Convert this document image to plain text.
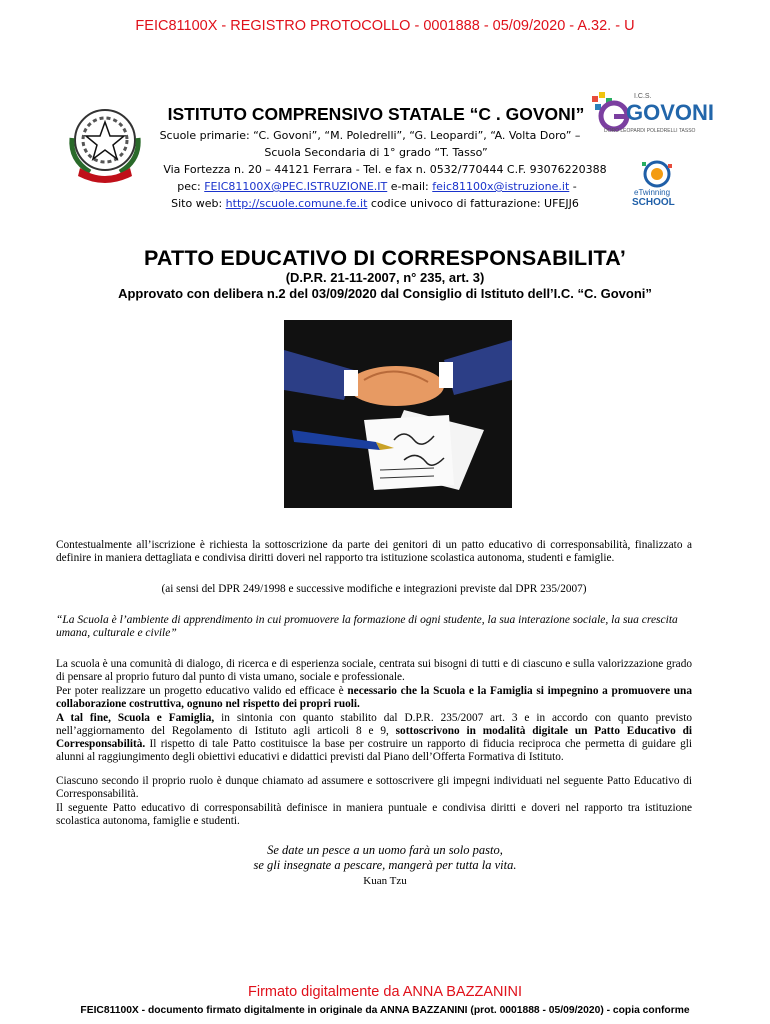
FEIC81100X - REGISTRO PROTOCOLLO - 0001888 - 05/09/2020 - A.32. - U
ISTITUTO COMPRENSIVO STATALE “C . GOVONI”
Scuole primarie: “C. Govoni”, “M. Poledrelli”, “G. Leopardi”, “A. Volta Doro” –
Scuola Secondaria di 1° grado “T. Tasso”
Via Fortezza n. 20 – 44121 Ferrara - Tel. e fax n. 0532/770444 C.F. 93076220388
pec: FEIC81100X@PEC.ISTRUZIONE.IT e-mail: feic81100x@istruzione.it -
Sito web: http://scuole.comune.fe.it codice univoco di fatturazione: UFEJJ6
I.C.S.
GOVONI
DORO LEOPARDI POLEDRELLI TASSO
eTwinning
SCHOOL
PATTO EDUCATIVO DI CORRESPONSABILITA’
(D.P.R. 21-11-2007, n° 235, art. 3)
Approvato con delibera n.2 del 03/09/2020 dal Consiglio di Istituto dell’I.C. “C. Govoni”
Contestualmente all’iscrizione è richiesta la sottoscrizione da parte dei genitori di un patto educativo di corresponsabilità, finalizzato a definire in maniera dettagliata e condivisa diritti doveri nel rapporto tra istituzione scolastica autonoma, studenti e famiglie.
(ai sensi del DPR 249/1998 e successive modifiche e integrazioni previste dal DPR 235/2007)
“La Scuola è l’ambiente di apprendimento in cui promuovere la formazione di ogni studente, la sua interazione sociale, la sua crescita umana, culturale e civile”
La scuola è una comunità di dialogo, di ricerca e di esperienza sociale, centrata sui bisogni di tutti e di ciascuno e sulla valorizzazione grado di pensare al proprio futuro dal punto di vista umano, sociale e professionale.
Per poter realizzare un progetto educativo valido ed efficace è necessario che la Scuola e la Famiglia si impegnino a promuovere una collaborazione costruttiva, ognuno nel rispetto dei propri ruoli.
A tal fine, Scuola e Famiglia, in sintonia con quanto stabilito dal D.P.R. 235/2007 art. 3 e in accordo con quanto previsto nell’aggiornamento del Regolamento di Istituto agli articoli 8 e 9, sottoscrivono in modalità digitale un Patto Educativo di Corresponsabilità. Il rispetto di tale Patto costituisce la base per costruire un rapporto di fiducia reciproca che permetta di guidare gli alunni al raggiungimento degli obiettivi educativi e didattici previsti dal Piano dell’Offerta Formativa di Istituto.
Ciascuno secondo il proprio ruolo è dunque chiamato ad assumere e sottoscrivere gli impegni individuati nel seguente Patto Educativo di Corresponsabilità.
Il seguente Patto educativo di corresponsabilità definisce in maniera puntuale e condivisa diritti e doveri nel rapporto tra istituzione scolastica autonoma, famiglie e studenti.
Se date un pesce a un uomo farà un solo pasto,
se gli insegnate a pescare, mangerà per tutta la vita.
Kuan Tzu
Firmato digitalmente da ANNA BAZZANINI
FEIC81100X - documento firmato digitalmente in originale da ANNA BAZZANINI (prot. 0001888 - 05/09/2020) - copia conforme
